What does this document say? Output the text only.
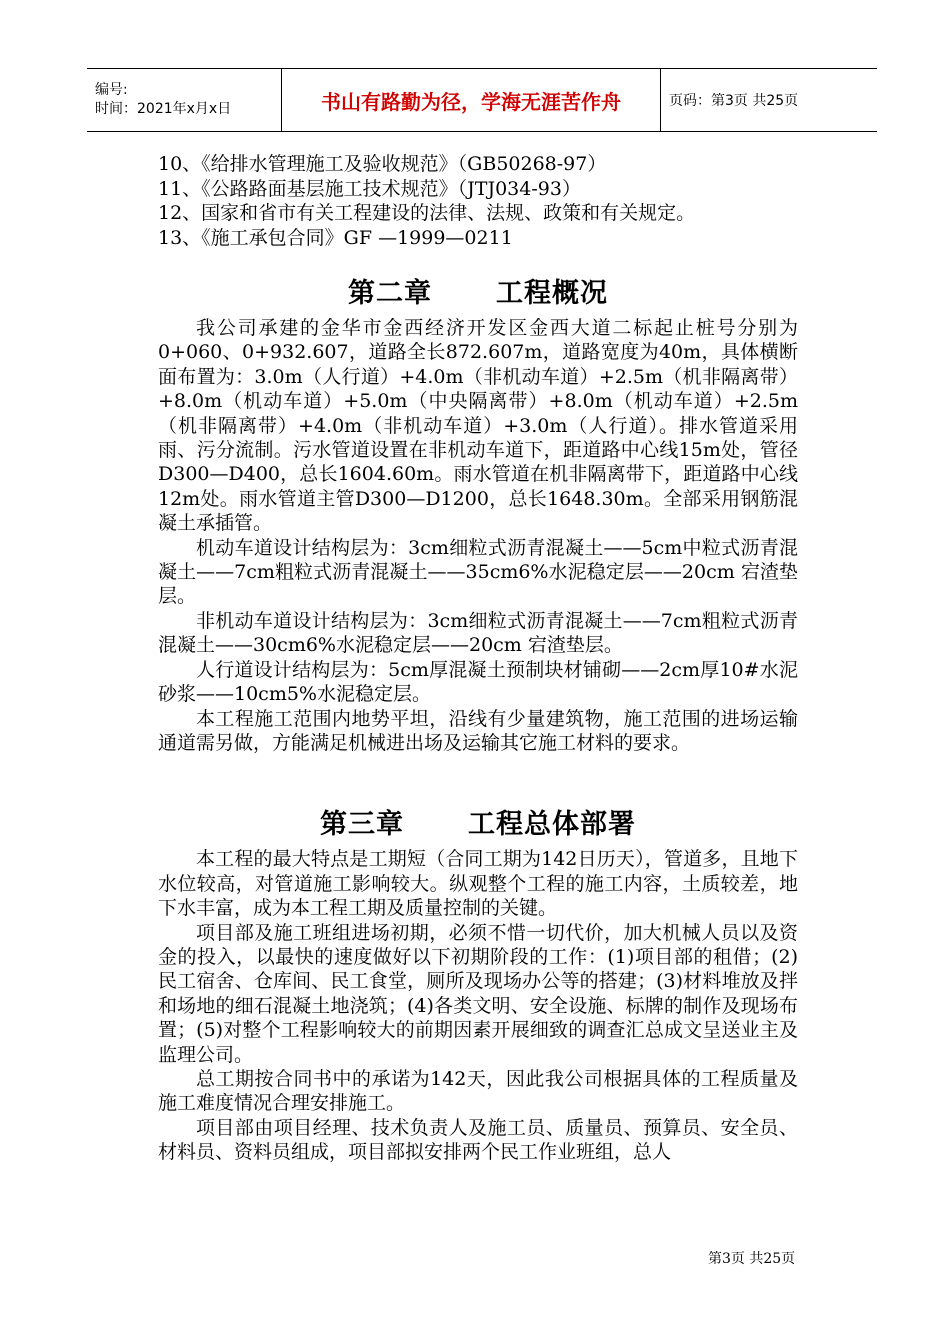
编号:
时间：2021年x月x日	书山有路勤为径，学海无涯苦作舟	页码：第3页 共25页

10、《给排水管理施工及验收规范》（GB50268-97）

11、《公路路面基层施工技术规范》（JTJ034-93）

12、国家和省市有关工程建设的法律、法规、政策和有关规定。

13、《施工承包合同》GF —1999—0211

第二章 工程概况

我公司承建的金华市金西经济开发区金西大道二标起止桩号分别为0+060、0+932.607，道路全长872.607m，道路宽度为40m，具体横断面布置为：3.0m（人行道）+4.0m（非机动车道）+2.5m（机非隔离带）+8.0m（机动车道）+5.0m（中央隔离带）+8.0m（机动车道）+2.5m（机非隔离带）+4.0m（非机动车道）+3.0m（人行道）。排水管道采用雨、污分流制。污水管道设置在非机动车道下，距道路中心线15m处，管径D300—D400，总长1604.60m。雨水管道在机非隔离带下，距道路中心线12m处。雨水管道主管D300—D1200，总长1648.30m。全部采用钢筋混凝土承插管。

机动车道设计结构层为：3cm细粒式沥青混凝土——5cm中粒式沥青混凝土——7cm粗粒式沥青混凝土——35cm6%水泥稳定层——20cm 宕渣垫层。

非机动车道设计结构层为：3cm细粒式沥青混凝土——7cm粗粒式沥青混凝土——30cm6%水泥稳定层——20cm 宕渣垫层。

人行道设计结构层为：5cm厚混凝土预制块材铺砌——2cm厚10#水泥砂浆——10cm5%水泥稳定层。

本工程施工范围内地势平坦，沿线有少量建筑物，施工范围的进场运输通道需另做，方能满足机械进出场及运输其它施工材料的要求。

第三章 工程总体部署

本工程的最大特点是工期短（合同工期为142日历天），管道多，且地下水位较高，对管道施工影响较大。纵观整个工程的施工内容，土质较差，地下水丰富，成为本工程工期及质量控制的关键。

项目部及施工班组进场初期，必须不惜一切代价，加大机械人员以及资金的投入，以最快的速度做好以下初期阶段的工作：(1)项目部的租借；(2)民工宿舍、仓库间、民工食堂，厕所及现场办公等的搭建；(3)材料堆放及拌和场地的细石混凝土地浇筑；(4)各类文明、安全设施、标牌的制作及现场布置；(5)对整个工程影响较大的前期因素开展细致的调查汇总成文呈送业主及监理公司。

总工期按合同书中的承诺为142天，因此我公司根据具体的工程质量及施工难度情况合理安排施工。

项目部由项目经理、技术负责人及施工员、质量员、预算员、安全员、材料员、资料员组成，项目部拟安排两个民工作业班组，总人

第3页 共25页
